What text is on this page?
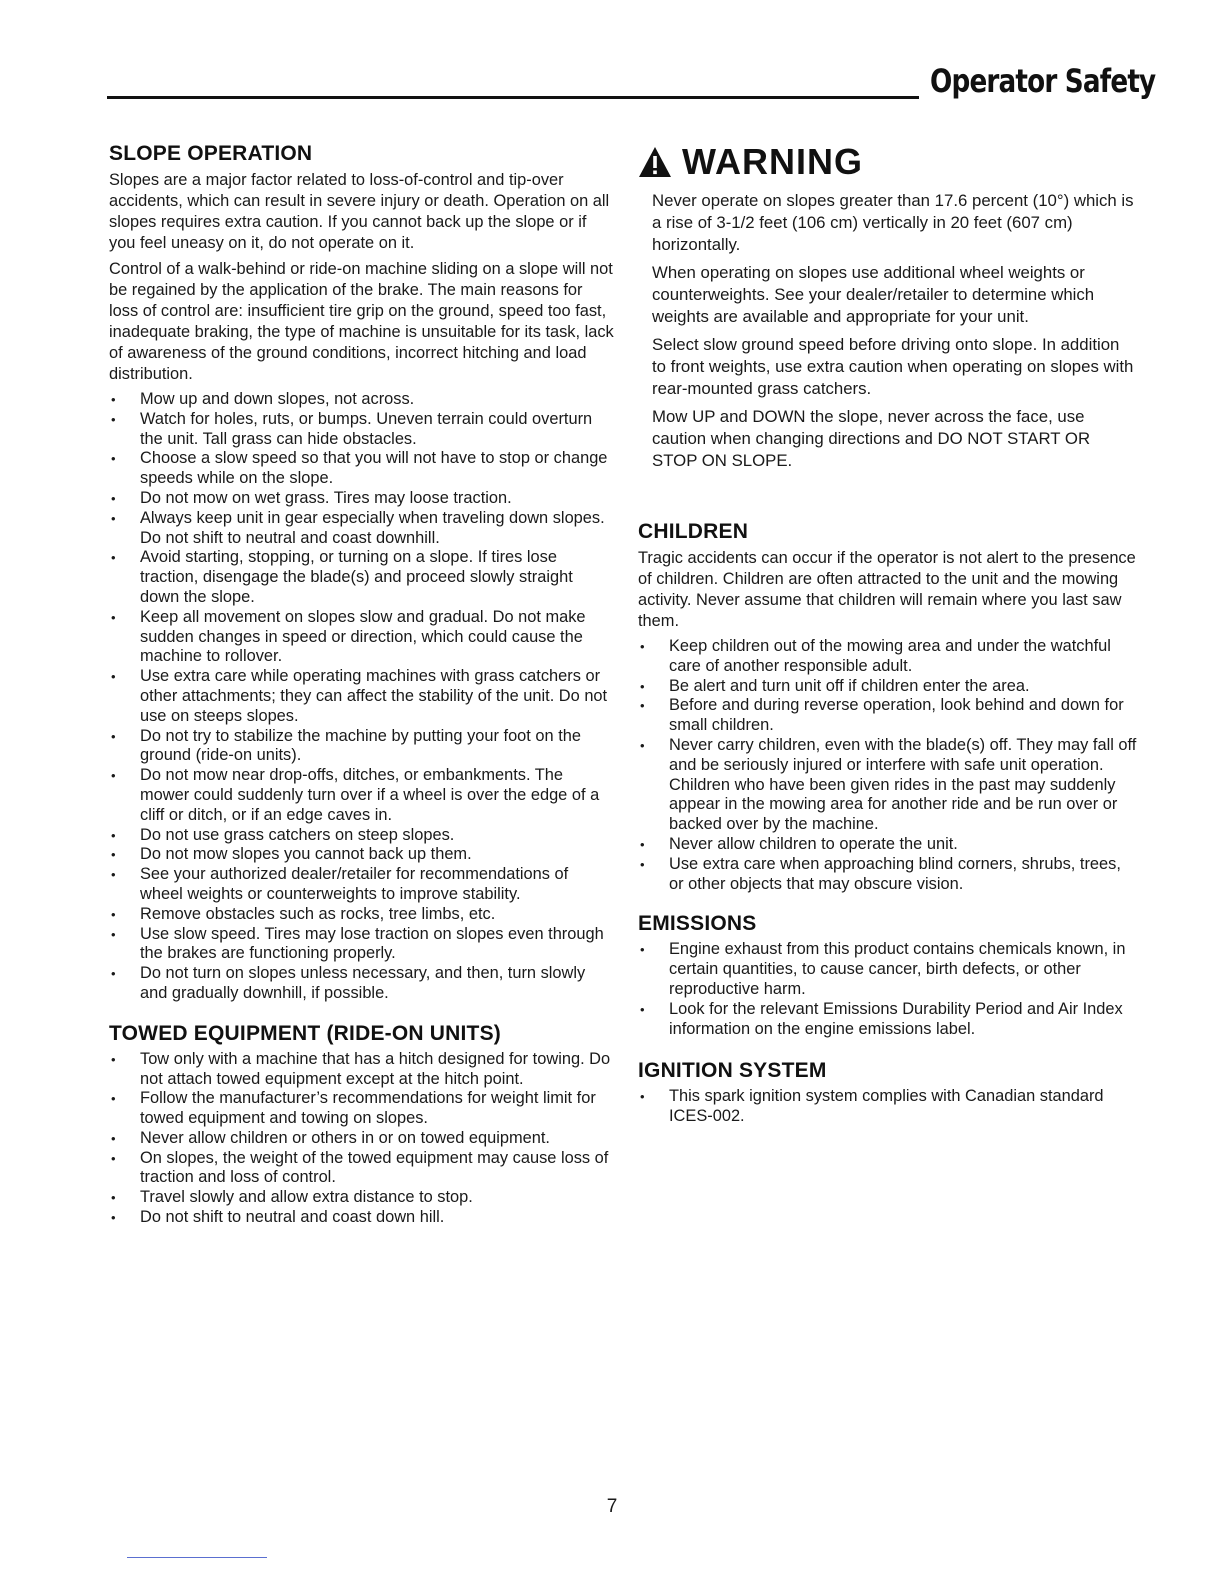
Operator Safety
SLOPE OPERATION

Slopes are a major factor related to loss-of-control and tip-over accidents, which can result in severe injury or death. Operation on all slopes requires extra caution. If you cannot back up the slope or if you feel uneasy on it, do not operate on it.

Control of a walk-behind or ride-on machine sliding on a slope will not be regained by the application of the brake. The main reasons for loss of control are: insufficient tire grip on the ground, speed too fast, inadequate braking, the type of machine is unsuitable for its task, lack of awareness of the ground conditions, incorrect hitching and load distribution.

• Mow up and down slopes, not across.
• Watch for holes, ruts, or bumps. Uneven terrain could overturn the unit. Tall grass can hide obstacles.
• Choose a slow speed so that you will not have to stop or change speeds while on the slope.
• Do not mow on wet grass. Tires may loose traction.
• Always keep unit in gear especially when traveling down slopes. Do not shift to neutral and coast downhill.
• Avoid starting, stopping, or turning on a slope. If tires lose traction, disengage the blade(s) and proceed slowly straight down the slope.
• Keep all movement on slopes slow and gradual. Do not make sudden changes in speed or direction, which could cause the machine to rollover.
• Use extra care while operating machines with grass catchers or other attachments; they can affect the stability of the unit. Do not use on steeps slopes.
• Do not try to stabilize the machine by putting your foot on the ground (ride-on units).
• Do not mow near drop-offs, ditches, or embankments. The mower could suddenly turn over if a wheel is over the edge of a cliff or ditch, or if an edge caves in.
• Do not use grass catchers on steep slopes.
• Do not mow slopes you cannot back up them.
• See your authorized dealer/retailer for recommendations of wheel weights or counterweights to improve stability.
• Remove obstacles such as rocks, tree limbs, etc.
• Use slow speed. Tires may lose traction on slopes even through the brakes are functioning properly.
• Do not turn on slopes unless necessary, and then, turn slowly and gradually downhill, if possible.
TOWED EQUIPMENT (RIDE-ON UNITS)
• Tow only with a machine that has a hitch designed for towing. Do not attach towed equipment except at the hitch point.
• Follow the manufacturer’s recommendations for weight limit for towed equipment and towing on slopes.
• Never allow children or others in or on towed equipment.
• On slopes, the weight of the towed equipment may cause loss of traction and loss of control.
• Travel slowly and allow extra distance to stop.
• Do not shift to neutral and coast down hill.
WARNING

Never operate on slopes greater than 17.6 percent (10°) which is a rise of 3-1/2 feet (106 cm) vertically in 20 feet (607 cm) horizontally.

When operating on slopes use additional wheel weights or counterweights. See your dealer/retailer to determine which weights are available and appropriate for your unit.

Select slow ground speed before driving onto slope. In addition to front weights, use extra caution when operating on slopes with rear-mounted grass catchers.

Mow UP and DOWN the slope, never across the face, use caution when changing directions and DO NOT START OR STOP ON SLOPE.

CHILDREN

Tragic accidents can occur if the operator is not alert to the presence of children. Children are often attracted to the unit and the mowing activity. Never assume that children will remain where you last saw them.

• Keep children out of the mowing area and under the watchful care of another responsible adult.
• Be alert and turn unit off if children enter the area.
• Before and during reverse operation, look behind and down for small children.
• Never carry children, even with the blade(s) off. They may fall off and be seriously injured or interfere with safe unit operation. Children who have been given rides in the past may suddenly appear in the mowing area for another ride and be run over or backed over by the machine.
• Never allow children to operate the unit.
• Use extra care when approaching blind corners, shrubs, trees, or other objects that may obscure vision.
EMISSIONS
• Engine exhaust from this product contains chemicals known, in certain quantities, to cause cancer, birth defects, or other reproductive harm.
• Look for the relevant Emissions Durability Period and Air Index information on the engine emissions label.
IGNITION SYSTEM
• This spark ignition system complies with Canadian standard ICES-002.
7
